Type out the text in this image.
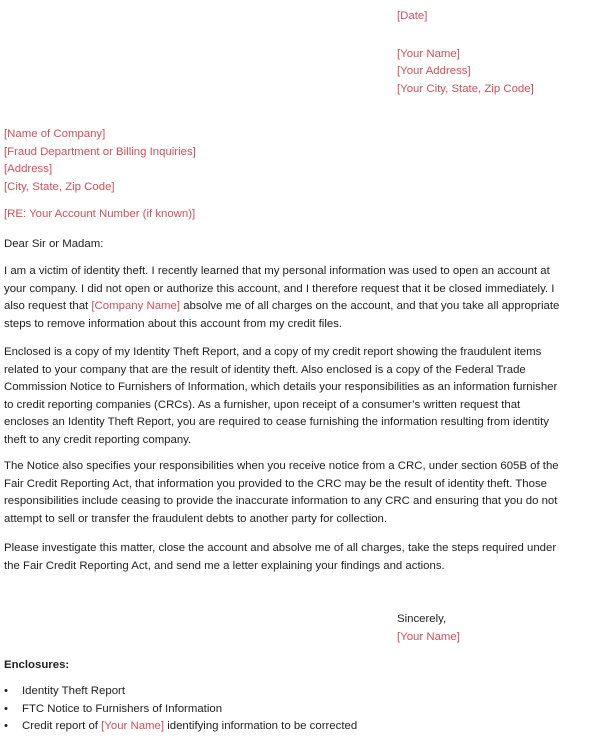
[Date]
[Your Name]
[Your Address]
[Your City, State, Zip Code]
[Name of Company]
[Fraud Department or Billing Inquiries]
[Address]
[City, State, Zip Code]
[RE: Your Account Number (if known)]
Dear Sir or Madam:
I am a victim of identity theft. I recently learned that my personal information was used to open an account at
your company. I did not open or authorize this account, and I therefore request that it be closed immediately. I
also request that [Company Name] absolve me of all charges on the account, and that you take all appropriate
steps to remove information about this account from my credit files.
Enclosed is a copy of my Identity Theft Report, and a copy of my credit report showing the fraudulent items
related to your company that are the result of identity theft. Also enclosed is a copy of the Federal Trade
Commission Notice to Furnishers of Information, which details your responsibilities as an information furnisher
to credit reporting companies (CRCs). As a furnisher, upon receipt of a consumer’s written request that
encloses an Identity Theft Report, you are required to cease furnishing the information resulting from identity
theft to any credit reporting company.
The Notice also specifies your responsibilities when you receive notice from a CRC, under section 605B of the
Fair Credit Reporting Act, that information you provided to the CRC may be the result of identity theft. Those
responsibilities include ceasing to provide the inaccurate information to any CRC and ensuring that you do not
attempt to sell or transfer the fraudulent debts to another party for collection.
Please investigate this matter, close the account and absolve me of all charges, take the steps required under
the Fair Credit Reporting Act, and send me a letter explaining your findings and actions.
Sincerely,
[Your Name]
Enclosures:
• Identity Theft Report
• FTC Notice to Furnishers of Information
• Credit report of [Your Name] identifying information to be corrected
